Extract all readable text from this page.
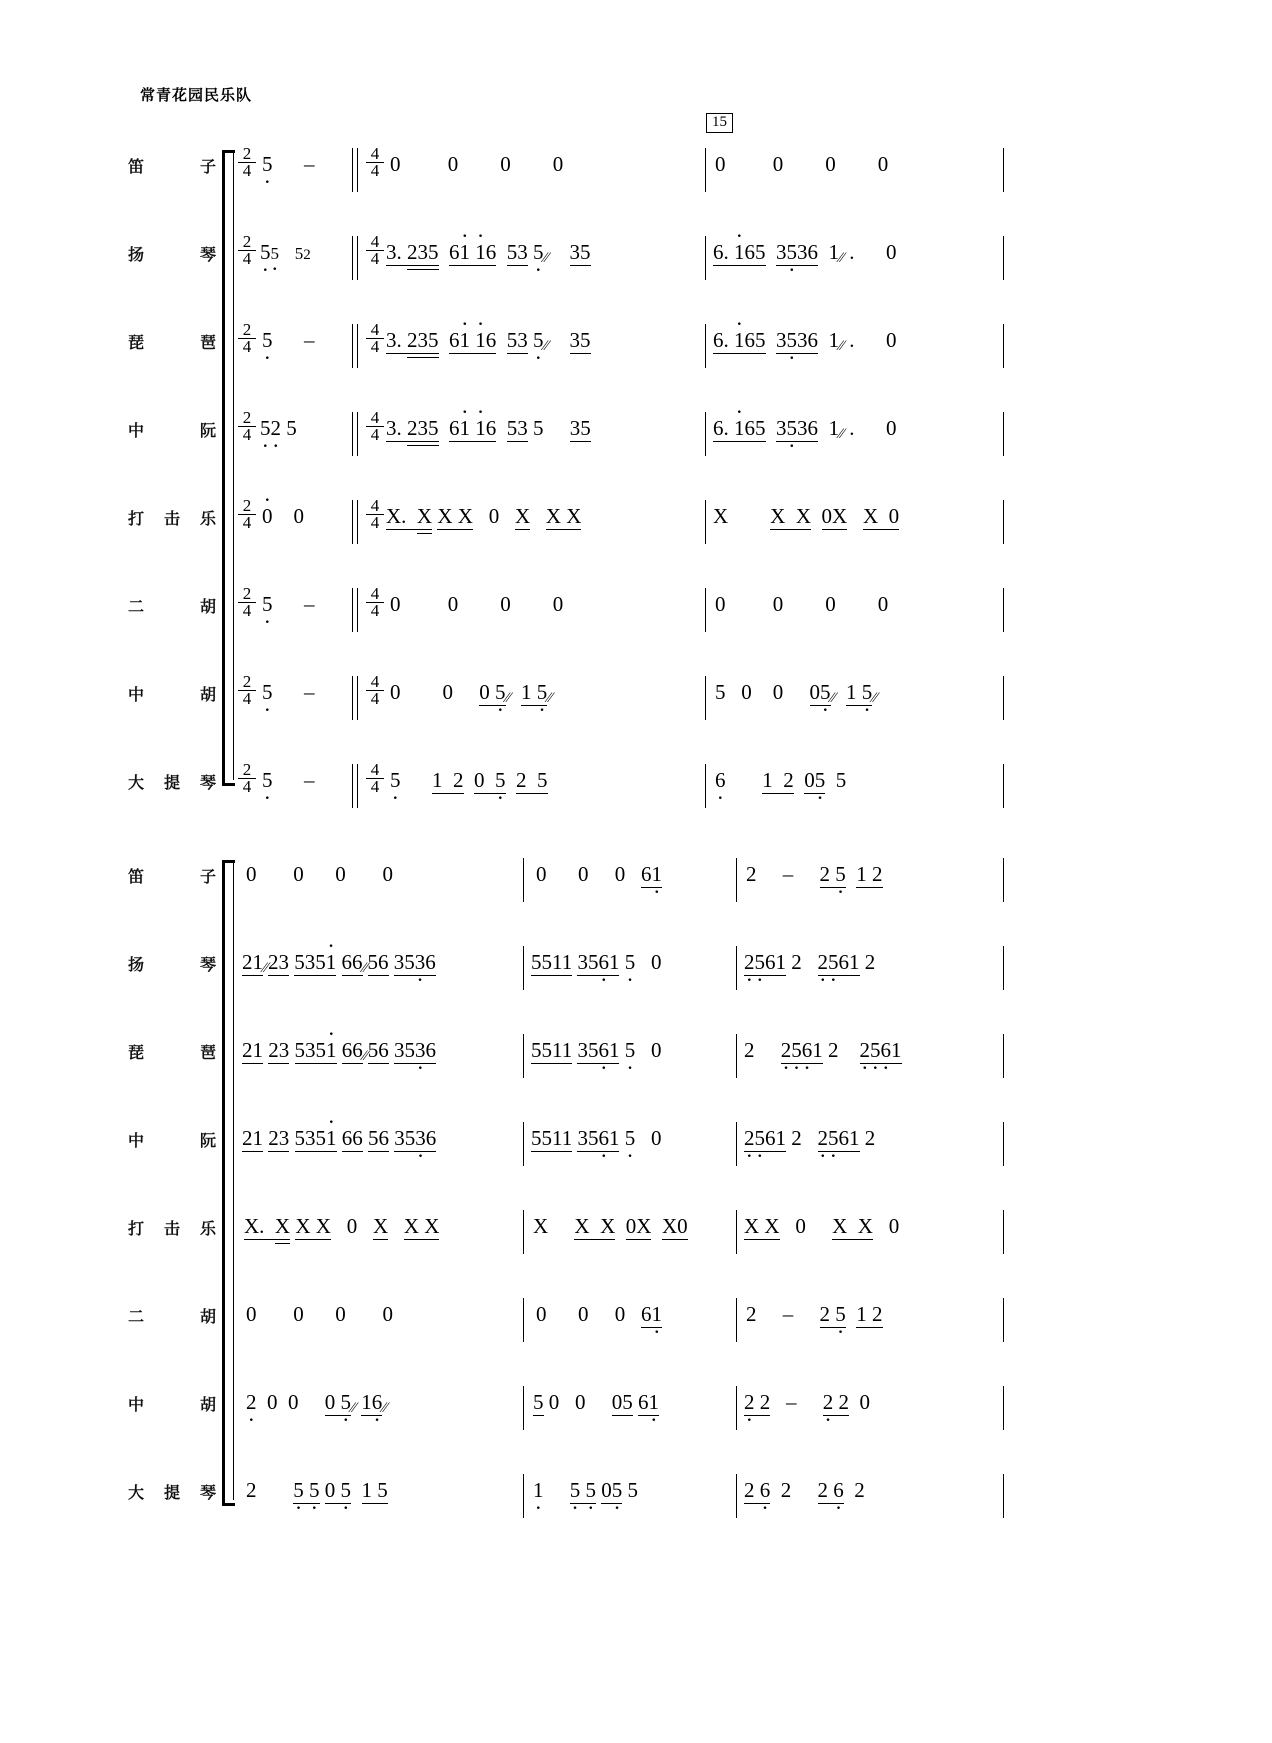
常青花园民乐队
15
笛 子 $\frac{2}{4} 5$ ·      –	$\frac{4}{4} 0$         0        0        0	0         0        0        0
扬 琴 $\frac{2}{4} 5 \cdot 5 \cdot 52$	$\frac{4}{4} 3$. 235 61 · 1 ·6 53 5 ·⁄⁄ 35	6. 1 ·65 35 ·36  1⁄⁄ .      0
琵 琶 $\frac{2}{4} 5$ ·      –	$\frac{4}{4} 3$. 235 61 · 1 ·6 53 5 ·⁄⁄ 35	6. 1 ·65 35 ·36  1⁄⁄ .      0
中 阮 $\frac{2}{4} 5 \cdot 2 \cdot 5$	$\frac{4}{4} 3$. 235 61 · 1 ·6 53 5     35	6. 1 ·65 35 ·36  1⁄⁄ .      0
打击乐 $\frac{2}{4} 0$ ·    0	$\frac{4}{4} X$.  X X X   0   X X X	X        X  X 0X X  0
二 胡 $\frac{2}{4} 5$ ·      –	$\frac{4}{4} 0$         0        0        0	0         0        0        0
中 胡 $\frac{2}{4} 5$ ·      –	$\frac{4}{4} 0$        0     0 5 ·⁄⁄ 1 5 ·⁄⁄	5   0    0     05 ·⁄⁄ 1 5 ·⁄⁄
大提琴 $\frac{2}{4} 5$ ·      –	$\frac{4}{4} 5 \cdot 1$  2 0  5 · 2  5	6 · 1  2 05 ·  5
笛 子 0       0      0       0	0      0     0   61 ·	2     –     2 5 · 1 2
扬 琴 21⁄⁄23 5351 · 66⁄⁄56 353 ·6	5511 356 ·1 5 ·   0	2 ·5 ·61 2   2 ·5 ·61 2
琵 琶 21 23 5351 · 66⁄⁄56 353 ·6	5511 356 ·1 5 ·   0	2     2 ·5 ·6 ·1 2    2 ·5 ·6 ·1
中 阮 21 23 5351 · 66 56 353 ·6	5511 356 ·1 5 ·   0	2 ·5 ·61 2   2 ·5 ·61 2
打击乐 X.  X X X   0   X X X	X     X  X 0X X0	X X   0     X  X   0
二 胡 0       0      0       0	0      0     0   61 ·	2     –     2 5 · 1 2
中 胡 2 ·  0  0     0 5 ·⁄⁄ 16 ·⁄⁄	5 0   0     05 61 ·	2 · 2   –     2 · 2  0
大提琴 2       5 · 5 · 0 5 · 1 5	1 · 5 · 5 · 05 · 5	2 6 ·  2     2 6 ·  2
